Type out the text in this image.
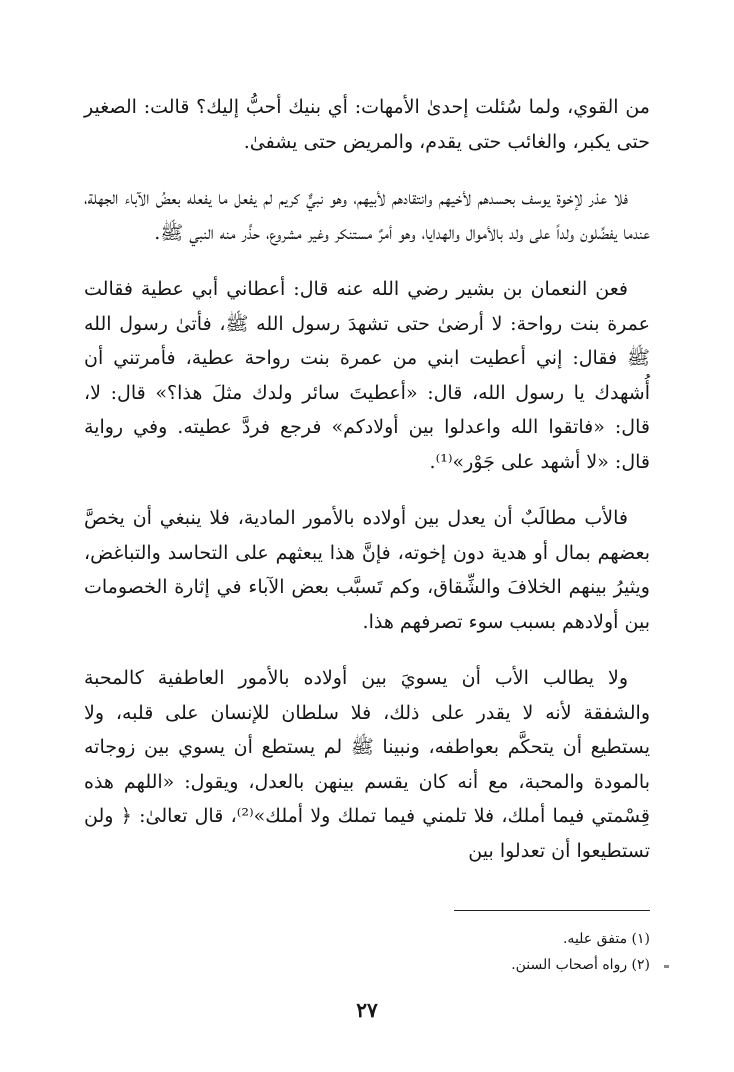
من القوي، ولما سُئلت إحدىٰ الأمهات: أي بنيك أحبُّ إليك؟ قالت: الصغير حتى يكبر، والغائب حتى يقدم، والمريض حتى يشفىٰ.

فلا عذر لإخوة يوسف بحسدهم لأخيهم وانتقادهم لأبيهم، وهو نبيٌّ كريم لم يفعل ما يفعله بعضُ الآباء الجهلة، عندما يفضِّلون ولداً على ولد بالأموال والهدايا، وهو أمرٌ مستنكر وغير مشروع، حذَّر منه النبي ﷺ.

فعن النعمان بن بشير رضي الله عنه قال: أعطاني أبي عطية فقالت عمرة بنت رواحة: لا أرضىٰ حتى تشهدَ رسول الله ﷺ، فأتىٰ رسول الله ﷺ فقال: إني أعطيت ابني من عمرة بنت رواحة عطية، فأمرتني أن أُشهدك يا رسول الله، قال: «أعطيتَ سائر ولدك مثلَ هذا؟» قال: لا، قال: «فاتقوا الله واعدلوا بين أولادكم» فرجع فردَّ عطيته. وفي رواية قال: «لا أشهد على جَوْر»⁽¹⁾.

فالأب مطالَبٌ أن يعدل بين أولاده بالأمور المادية، فلا ينبغي أن يخصَّ بعضهم بمال أو هدية دون إخوته، فإنَّ هذا يبعثهم على التحاسد والتباغض، ويثيرُ بينهم الخلافَ والشِّقاق، وكم تَسبَّب بعض الآباء في إثارة الخصومات بين أولادهم بسبب سوء تصرفهم هذا.

ولا يطالب الأب أن يسويَ بين أولاده بالأمور العاطفية كالمحبة والشفقة لأنه لا يقدر على ذلك، فلا سلطان للإنسان على قلبه، ولا يستطيع أن يتحكَّم بعواطفه، ونبينا ﷺ لم يستطع أن يسوي بين زوجاته بالمودة والمحبة، مع أنه كان يقسم بينهن بالعدل، ويقول: «اللهم هذه قِسْمتي فيما أملك، فلا تلمني فيما تملك ولا أملك»⁽²⁾، قال تعالىٰ: ﴿ ولن تستطيعوا أن تعدلوا بين

(١) متفق عليه.

(٢) رواه أصحاب السنن.

٢٧
